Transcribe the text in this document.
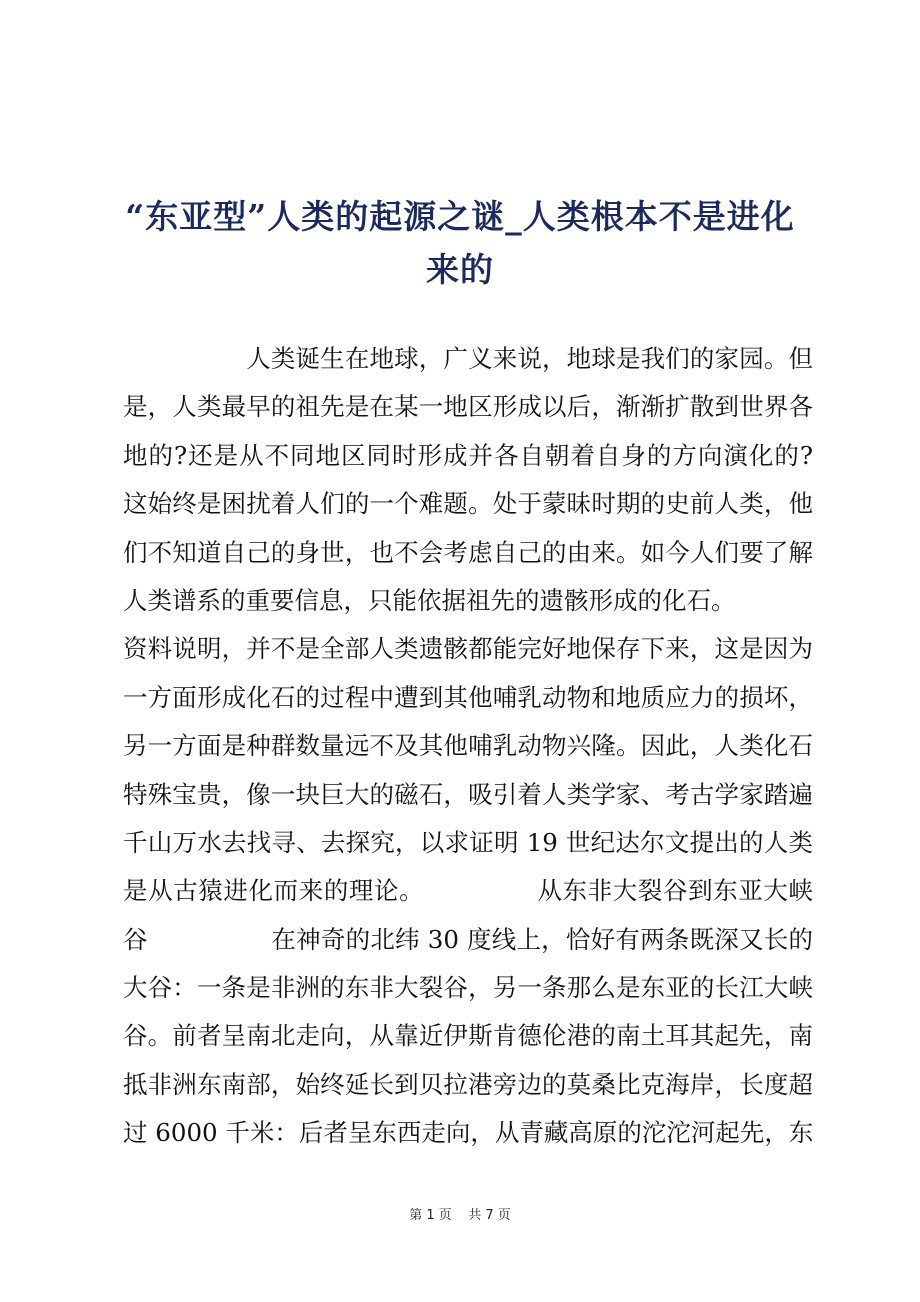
“东亚型”人类的起源之谜_人类根本不是进化
来的
　　　　　人类诞生在地球，广义来说，地球是我们的家园。但
是，人类最早的祖先是在某一地区形成以后，渐渐扩散到世界各
地的?还是从不同地区同时形成并各自朝着自身的方向演化的?
这始终是困扰着人们的一个难题。处于蒙昧时期的史前人类，他
们不知道自己的身世，也不会考虑自己的由来。如今人们要了解
人类谱系的重要信息，只能依据祖先的遗骸形成的化石。
资料说明，并不是全部人类遗骸都能完好地保存下来，这是因为
一方面形成化石的过程中遭到其他哺乳动物和地质应力的损坏，
另一方面是种群数量远不及其他哺乳动物兴隆。因此，人类化石
特殊宝贵，像一块巨大的磁石，吸引着人类学家、考古学家踏遍
千山万水去找寻、去探究，以求证明 19 世纪达尔文提出的人类
是从古猿进化而来的理论。　　　　　从东非大裂谷到东亚大峡
谷　　　　　在神奇的北纬 30 度线上，恰好有两条既深又长的
大谷：一条是非洲的东非大裂谷，另一条那么是东亚的长江大峡
谷。前者呈南北走向，从靠近伊斯肯德伦港的南土耳其起先，南
抵非洲东南部，始终延长到贝拉港旁边的莫桑比克海岸，长度超
过 6000 千米：后者呈东西走向，从青藏高原的沱沱河起先，东
第 1 页 共 7 页
